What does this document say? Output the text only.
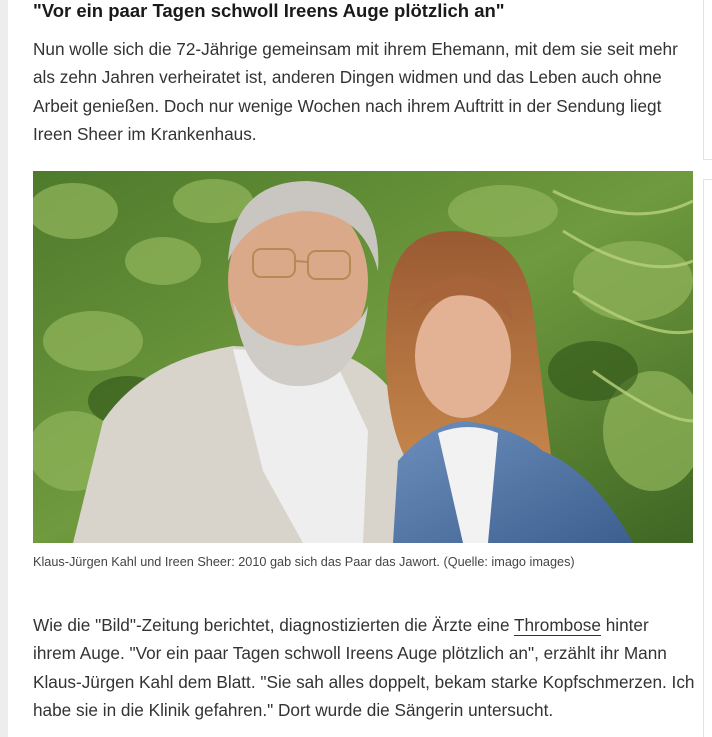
"Vor ein paar Tagen schwoll Ireens Auge plötzlich an"

Nun wolle sich die 72-Jährige gemeinsam mit ihrem Ehemann, mit dem sie seit mehr als zehn Jahren verheiratet ist, anderen Dingen widmen und das Leben auch ohne Arbeit genießen. Doch nur wenige Wochen nach ihrem Auftritt in der Sendung liegt Ireen Sheer im Krankenhaus.

Klaus-Jürgen Kahl und Ireen Sheer: 2010 gab sich das Paar das Jawort. (Quelle: imago images)

Wie die "Bild"-Zeitung berichtet, diagnostizierten die Ärzte eine Thrombose hinter ihrem Auge. "Vor ein paar Tagen schwoll Ireens Auge plötzlich an", erzählt ihr Mann Klaus-Jürgen Kahl dem Blatt. "Sie sah alles doppelt, bekam starke Kopfschmerzen. Ich habe sie in die Klinik gefahren." Dort wurde die Sängerin untersucht.
